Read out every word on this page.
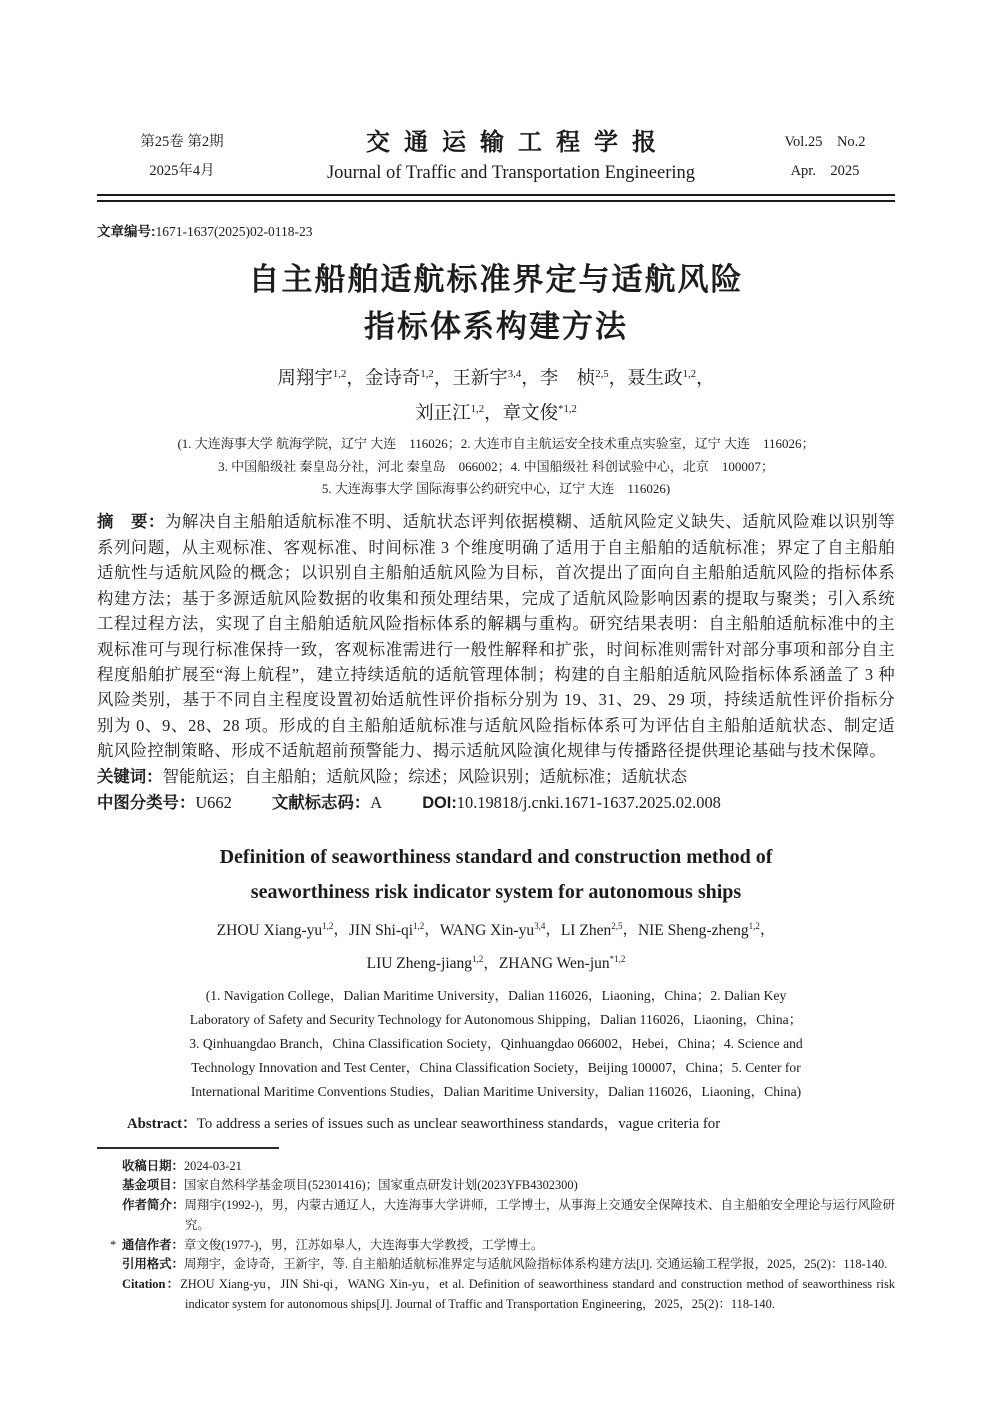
第25卷 第2期
2025年4月
交通运输工程学报
Journal of Traffic and Transportation Engineering
Vol.25　No.2
Apr.　2025
文章编号:1671-1637(2025)02-0118-23
自主船舶适航标准界定与适航风险
指标体系构建方法
周翔宇$^{1,2}$，金诗奇$^{1,2}$，王新宇$^{3,4}$，李　桢$^{2,5}$，聂生政$^{1,2}$，
刘正江$^{1,2}$，章文俊$^{*1,2}$
(1. 大连海事大学 航海学院，辽宁 大连　116026；2. 大连市自主航运安全技术重点实验室，辽宁 大连　116026；
3. 中国船级社 秦皇岛分社，河北 秦皇岛　066002；4. 中国船级社 科创试验中心，北京　100007；
5. 大连海事大学 国际海事公约研究中心，辽宁 大连　116026)

摘　要：为解决自主船舶适航标准不明、适航状态评判依据模糊、适航风险定义缺失、适航风险难以识别等系列问题，从主观标准、客观标准、时间标准 3 个维度明确了适用于自主船舶的适航标准；界定了自主船舶适航性与适航风险的概念；以识别自主船舶适航风险为目标，首次提出了面向自主船舶适航风险的指标体系构建方法；基于多源适航风险数据的收集和预处理结果，完成了适航风险影响因素的提取与聚类；引入系统工程过程方法，实现了自主船舶适航风险指标体系的解耦与重构。研究结果表明：自主船舶适航标准中的主观标准可与现行标准保持一致，客观标准需进行一般性解释和扩张，时间标准则需针对部分事项和部分自主程度船舶扩展至“海上航程”，建立持续适航的适航管理体制；构建的自主船舶适航风险指标体系涵盖了 3 种风险类别，基于不同自主程度设置初始适航性评价指标分别为 19、31、29、29 项，持续适航性评价指标分别为 0、9、28、28 项。形成的自主船舶适航标准与适航风险指标体系可为评估自主船舶适航状态、制定适航风险控制策略、形成不适航超前预警能力、揭示适航风险演化规律与传播路径提供理论基础与技术保障。

关键词：智能航运；自主船舶；适航风险；综述；风险识别；适航标准；适航状态
中图分类号：U662 文献标志码：A DOI:10.19818/j.cnki.1671-1637.2025.02.008
Definition of seaworthiness standard and construction method of
seaworthiness risk indicator system for autonomous ships
ZHOU Xiang-yu$^{1,2}$，JIN Shi-qi$^{1,2}$，WANG Xin-yu$^{3,4}$，LI Zhen$^{2,5}$，NIE Sheng-zheng$^{1,2}$，
LIU Zheng-jiang$^{1,2}$，ZHANG Wen-jun$^{*1,2}$
(1. Navigation College，Dalian Maritime University，Dalian 116026，Liaoning，China；2. Dalian Key
Laboratory of Safety and Security Technology for Autonomous Shipping，Dalian 116026，Liaoning，China；
3. Qinhuangdao Branch，China Classification Society，Qinhuangdao 066002，Hebei，China；4. Science and
Technology Innovation and Test Center，China Classification Society，Beijing 100007，China；5. Center for
International Maritime Conventions Studies，Dalian Maritime University，Dalian 116026，Liaoning，China)

Abstract：To address a series of issues such as unclear seaworthiness standards，vague criteria for

收稿日期：2024-03-21
基金项目：国家自然科学基金项目(52301416)；国家重点研发计划(2023YFB4302300)
作者简介：周翔宇(1992-)，男，内蒙古通辽人，大连海事大学讲师，工学博士，从事海上交通安全保障技术、自主船舶安全理论与运行风险研究。
* 通信作者：章文俊(1977-)，男，江苏如皋人，大连海事大学教授，工学博士。
引用格式：周翔宇，金诗奇，王新宇，等. 自主船舶适航标准界定与适航风险指标体系构建方法[J]. 交通运输工程学报，2025，25(2)：118-140.
Citation：ZHOU Xiang-yu，JIN Shi-qi，WANG Xin-yu，et al. Definition of seaworthiness standard and construction method of seaworthiness risk indicator system for autonomous ships[J]. Journal of Traffic and Transportation Engineering，2025，25(2)：118-140.
